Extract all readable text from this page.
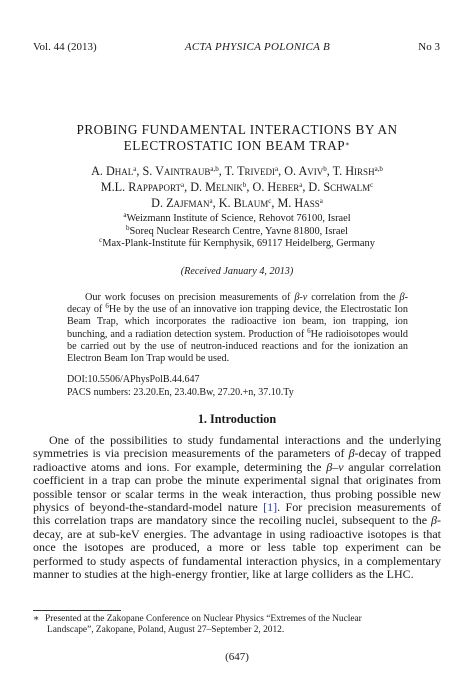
Vol. 44 (2013)	ACTA PHYSICA POLONICA B	No 3
PROBING FUNDAMENTAL INTERACTIONS BY AN
ELECTROSTATIC ION BEAM TRAP∗
A. Dhal$^a$, S. Vaintraub$^{a,b}$, T. Trivedi$^a$, O. Aviv$^b$, T. Hirsh$^{a,b}$
M.L. Rappaport$^a$, D. Melnik$^b$, O. Heber$^a$, D. Schwalm$^c$
D. Zajfman$^a$, K. Blaum$^c$, M. Hass$^a$
$^a$Weizmann Institute of Science, Rehovot 76100, Israel
$^b$Soreq Nuclear Research Centre, Yavne 81800, Israel
$^c$Max-Plank-Institute für Kernphysik, 69117 Heidelberg, Germany
(Received January 4, 2013)

Our work focuses on precision measurements of β-ν correlation from the β-decay of $^6$He by the use of an innovative ion trapping device, the Electrostatic Ion Beam Trap, which incorporates the radioactive ion beam, ion trapping, ion bunching, and a radiation detection system. Production of $^6$He radioisotopes would be carried out by the use of neutron-induced reactions and for the ionization an Electron Beam Ion Trap would be used.

DOI:10.5506/APhysPolB.44.647
PACS numbers: 23.20.En, 23.40.Bw, 27.20.+n, 37.10.Ty
1. Introduction

One of the possibilities to study fundamental interactions and the underlying symmetries is via precision measurements of the parameters of β-decay of trapped radioactive atoms and ions. For example, determining the β–ν angular correlation coefficient in a trap can probe the minute experimental signal that originates from possible tensor or scalar terms in the weak interaction, thus probing possible new physics of beyond-the-standard-model nature [1]. For precision measurements of this correlation traps are mandatory since the recoiling nuclei, subsequent to the β-decay, are at sub-keV energies. The advantage in using radioactive isotopes is that once the isotopes are produced, a more or less table top experiment can be performed to study aspects of fundamental interaction physics, in a complementary manner to studies at the high-energy frontier, like at large colliders as the LHC.

∗ Presented at the Zakopane Conference on Nuclear Physics “Extremes of the Nuclear
Landscape”, Zakopane, Poland, August 27–September 2, 2012.
(647)
